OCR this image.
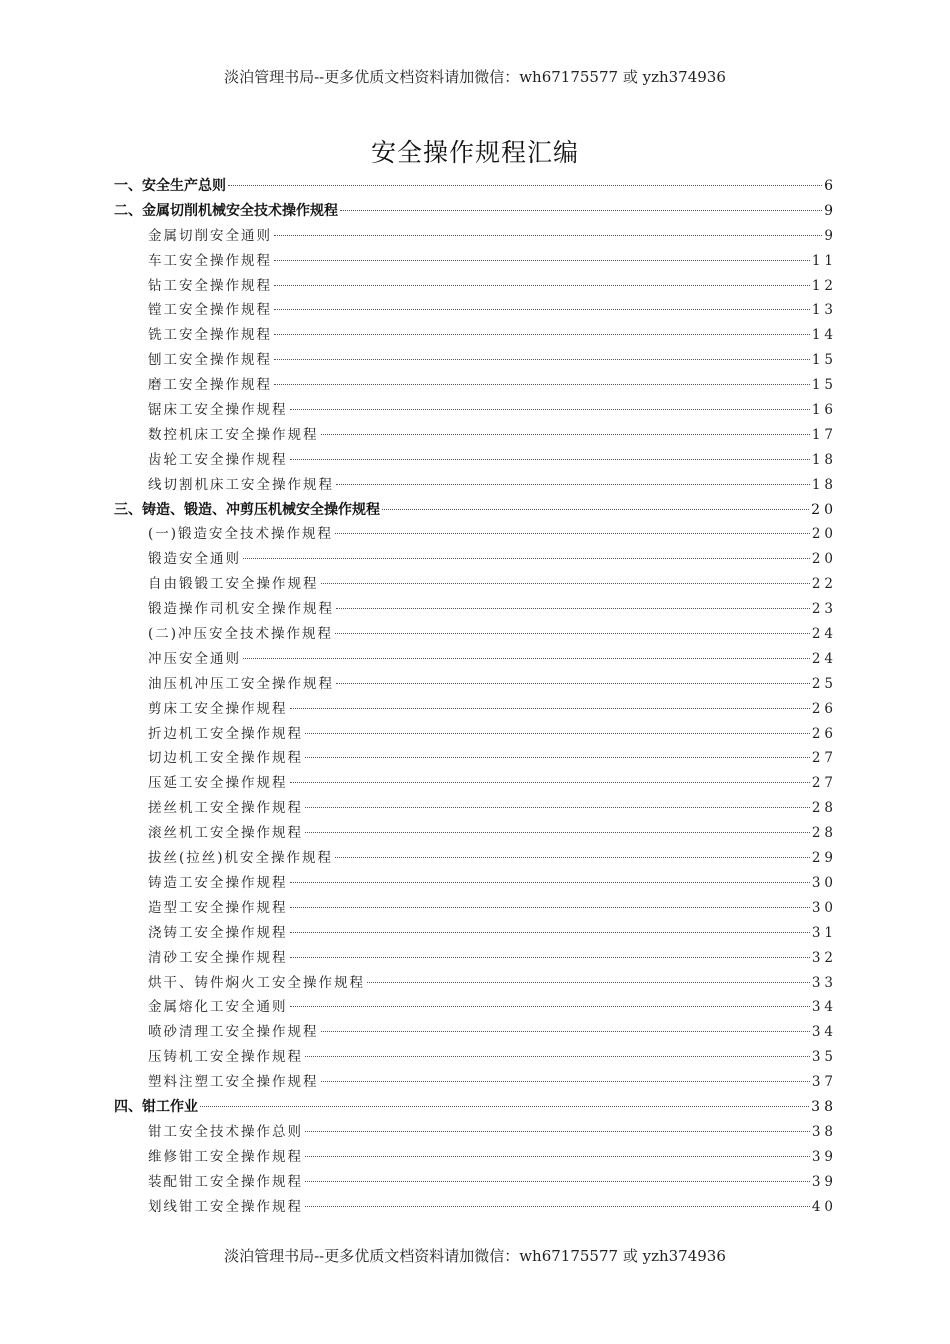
淡泊管理书局--更多优质文档资料请加微信：wh67175577 或 yzh374936
安全操作规程汇编
一、安全生产总则	6
二、金属切削机械安全技术操作规程	9
金属切削安全通则	9
车工安全操作规程	11
钻工安全操作规程	12
镗工安全操作规程	13
铣工安全操作规程	14
刨工安全操作规程	15
磨工安全操作规程	15
锯床工安全操作规程	16
数控机床工安全操作规程	17
齿轮工安全操作规程	18
线切割机床工安全操作规程	18
三、铸造、锻造、冲剪压机械安全操作规程	20
(一)锻造安全技术操作规程	20
锻造安全通则	20
自由锻锻工安全操作规程	22
锻造操作司机安全操作规程	23
(二)冲压安全技术操作规程	24
冲压安全通则	24
油压机冲压工安全操作规程	25
剪床工安全操作规程	26
折边机工安全操作规程	26
切边机工安全操作规程	27
压延工安全操作规程	27
搓丝机工安全操作规程	28
滚丝机工安全操作规程	28
拔丝(拉丝)机安全操作规程	29
铸造工安全操作规程	30
造型工安全操作规程	30
浇铸工安全操作规程	31
清砂工安全操作规程	32
烘干、铸件焖火工安全操作规程	33
金属熔化工安全通则	34
喷砂清理工安全操作规程	34
压铸机工安全操作规程	35
塑料注塑工安全操作规程	37
四、钳工作业	38
钳工安全技术操作总则	38
维修钳工安全操作规程	39
装配钳工安全操作规程	39
划线钳工安全操作规程	40
淡泊管理书局--更多优质文档资料请加微信：wh67175577 或 yzh374936
